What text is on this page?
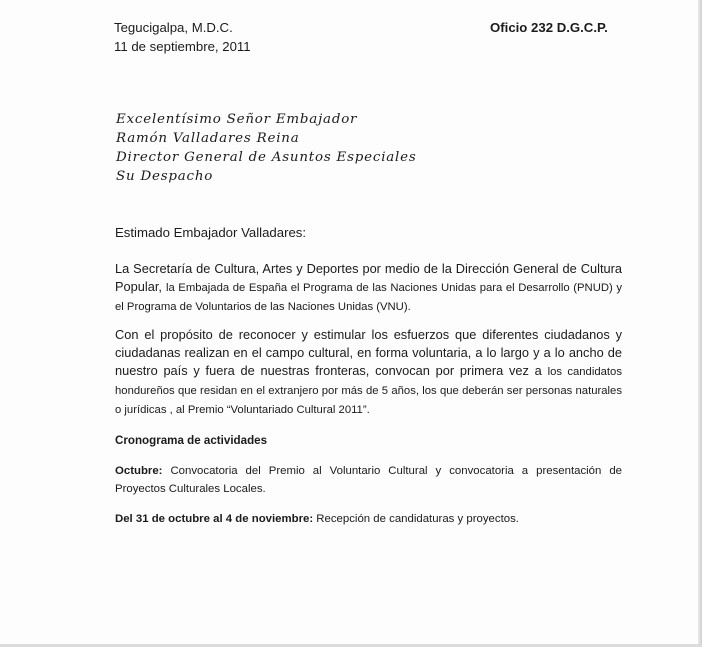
Tegucigalpa, M.D.C.
11 de septiembre, 2011
Oficio 232 D.G.C.P.
Excelentísimo Señor Embajador
Ramón Valladares Reina
Director General de Asuntos Especiales
Su Despacho
Estimado Embajador Valladares:
La Secretaría de Cultura, Artes y Deportes por medio de la Dirección General de Cultura Popular, la Embajada de España el Programa de las Naciones Unidas para el Desarrollo (PNUD) y el Programa de Voluntarios de las Naciones Unidas (VNU).
Con el propósito de reconocer y estimular los esfuerzos que diferentes ciudadanos y ciudadanas realizan en el campo cultural, en forma voluntaria, a lo largo y a lo ancho de nuestro país y fuera de nuestras fronteras, convocan por primera vez a los candidatos hondureños que residan en el extranjero por más de 5 años, los que deberán ser personas naturales o jurídicas , al Premio “Voluntariado Cultural 2011”.
Cronograma de actividades
Octubre: Convocatoria del Premio al Voluntario Cultural y convocatoria a presentación de Proyectos Culturales Locales.
Del 31 de octubre al 4 de noviembre: Recepción de candidaturas y proyectos.
